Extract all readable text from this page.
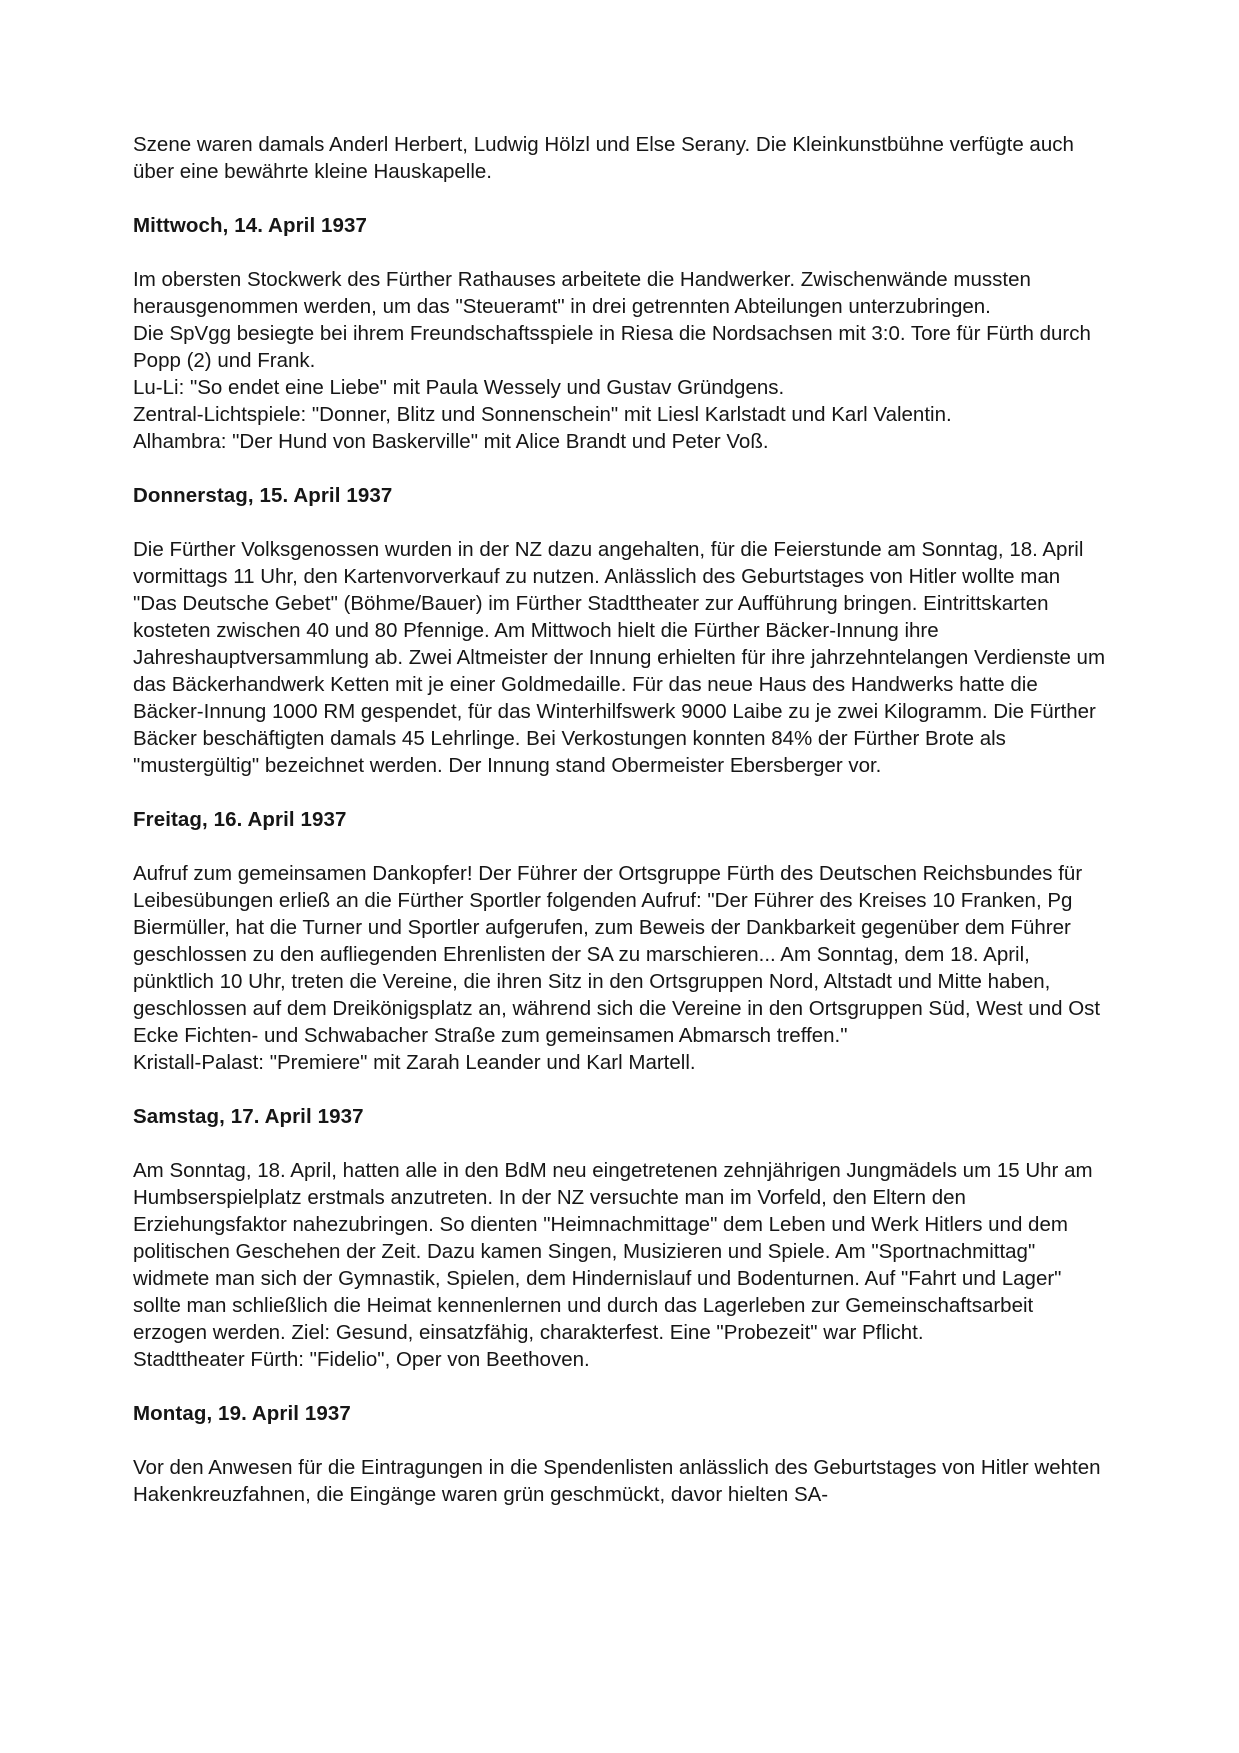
Szene waren damals Anderl Herbert, Ludwig Hölzl und Else Serany. Die Kleinkunstbühne verfügte auch über eine bewährte kleine Hauskapelle.
Mittwoch, 14. April 1937
Im obersten Stockwerk des Fürther Rathauses arbeitete die Handwerker. Zwischenwände mussten herausgenommen werden, um das "Steueramt" in drei getrennten Abteilungen unterzubringen.
Die SpVgg besiegte bei ihrem Freundschaftsspiele in Riesa die Nordsachsen mit 3:0. Tore für Fürth durch Popp (2) und Frank.
Lu-Li: "So endet eine Liebe" mit Paula Wessely und Gustav Gründgens.
Zentral-Lichtspiele: "Donner, Blitz und Sonnenschein" mit Liesl Karlstadt und Karl Valentin.
Alhambra: "Der Hund von Baskerville" mit Alice Brandt und Peter Voß.
Donnerstag, 15. April 1937
Die Fürther Volksgenossen wurden in der NZ dazu angehalten, für die Feierstunde am Sonntag, 18. April vormittags 11 Uhr, den Kartenvorverkauf zu nutzen. Anlässlich des Geburtstages von Hitler wollte man "Das Deutsche Gebet" (Böhme/Bauer) im Fürther Stadttheater zur Aufführung bringen. Eintrittskarten kosteten zwischen 40 und 80 Pfennige. Am Mittwoch hielt die Fürther Bäcker-Innung ihre Jahreshauptversammlung ab. Zwei Altmeister der Innung erhielten für ihre jahrzehntelangen Verdienste um das Bäckerhandwerk Ketten mit je einer Goldmedaille. Für das neue Haus des Handwerks hatte die Bäcker-Innung 1000 RM gespendet, für das Winterhilfswerk 9000 Laibe zu je zwei Kilogramm. Die Fürther Bäcker beschäftigten damals 45 Lehrlinge. Bei Verkostungen konnten 84% der Fürther Brote als "mustergültig" bezeichnet werden. Der Innung stand Obermeister Ebersberger vor.
Freitag, 16. April 1937
Aufruf zum gemeinsamen Dankopfer! Der Führer der Ortsgruppe Fürth des Deutschen Reichsbundes für Leibesübungen erließ an die Fürther Sportler folgenden Aufruf: "Der Führer des Kreises 10 Franken, Pg Biermüller, hat die Turner und Sportler aufgerufen, zum Beweis der Dankbarkeit gegenüber dem Führer geschlossen zu den aufliegenden Ehrenlisten der SA zu marschieren... Am Sonntag, dem 18. April, pünktlich 10 Uhr, treten die Vereine, die ihren Sitz in den Ortsgruppen Nord, Altstadt und Mitte haben, geschlossen auf dem Dreikönigsplatz an, während sich die Vereine in den Ortsgruppen Süd, West und Ost Ecke Fichten- und Schwabacher Straße zum gemeinsamen Abmarsch treffen."
Kristall-Palast: "Premiere" mit Zarah Leander und Karl Martell.
Samstag, 17. April 1937
Am Sonntag, 18. April, hatten alle in den BdM neu eingetretenen zehnjährigen Jungmädels um 15 Uhr am Humbserspielplatz erstmals anzutreten. In der NZ versuchte man im Vorfeld, den Eltern den Erziehungsfaktor nahezubringen. So dienten "Heimnachmittage" dem Leben und Werk Hitlers und dem politischen Geschehen der Zeit. Dazu kamen Singen, Musizieren und Spiele. Am "Sportnachmittag" widmete man sich der Gymnastik, Spielen, dem Hindernislauf und Bodenturnen. Auf "Fahrt und Lager" sollte man schließlich die Heimat kennenlernen und durch das Lagerleben zur Gemeinschaftsarbeit erzogen werden. Ziel: Gesund, einsatzfähig, charakterfest. Eine "Probezeit" war Pflicht.
Stadttheater Fürth: "Fidelio", Oper von Beethoven.
Montag, 19. April 1937
Vor den Anwesen für die Eintragungen in die Spendenlisten anlässlich des Geburtstages von Hitler wehten Hakenkreuzfahnen, die Eingänge waren grün geschmückt, davor hielten SA-
